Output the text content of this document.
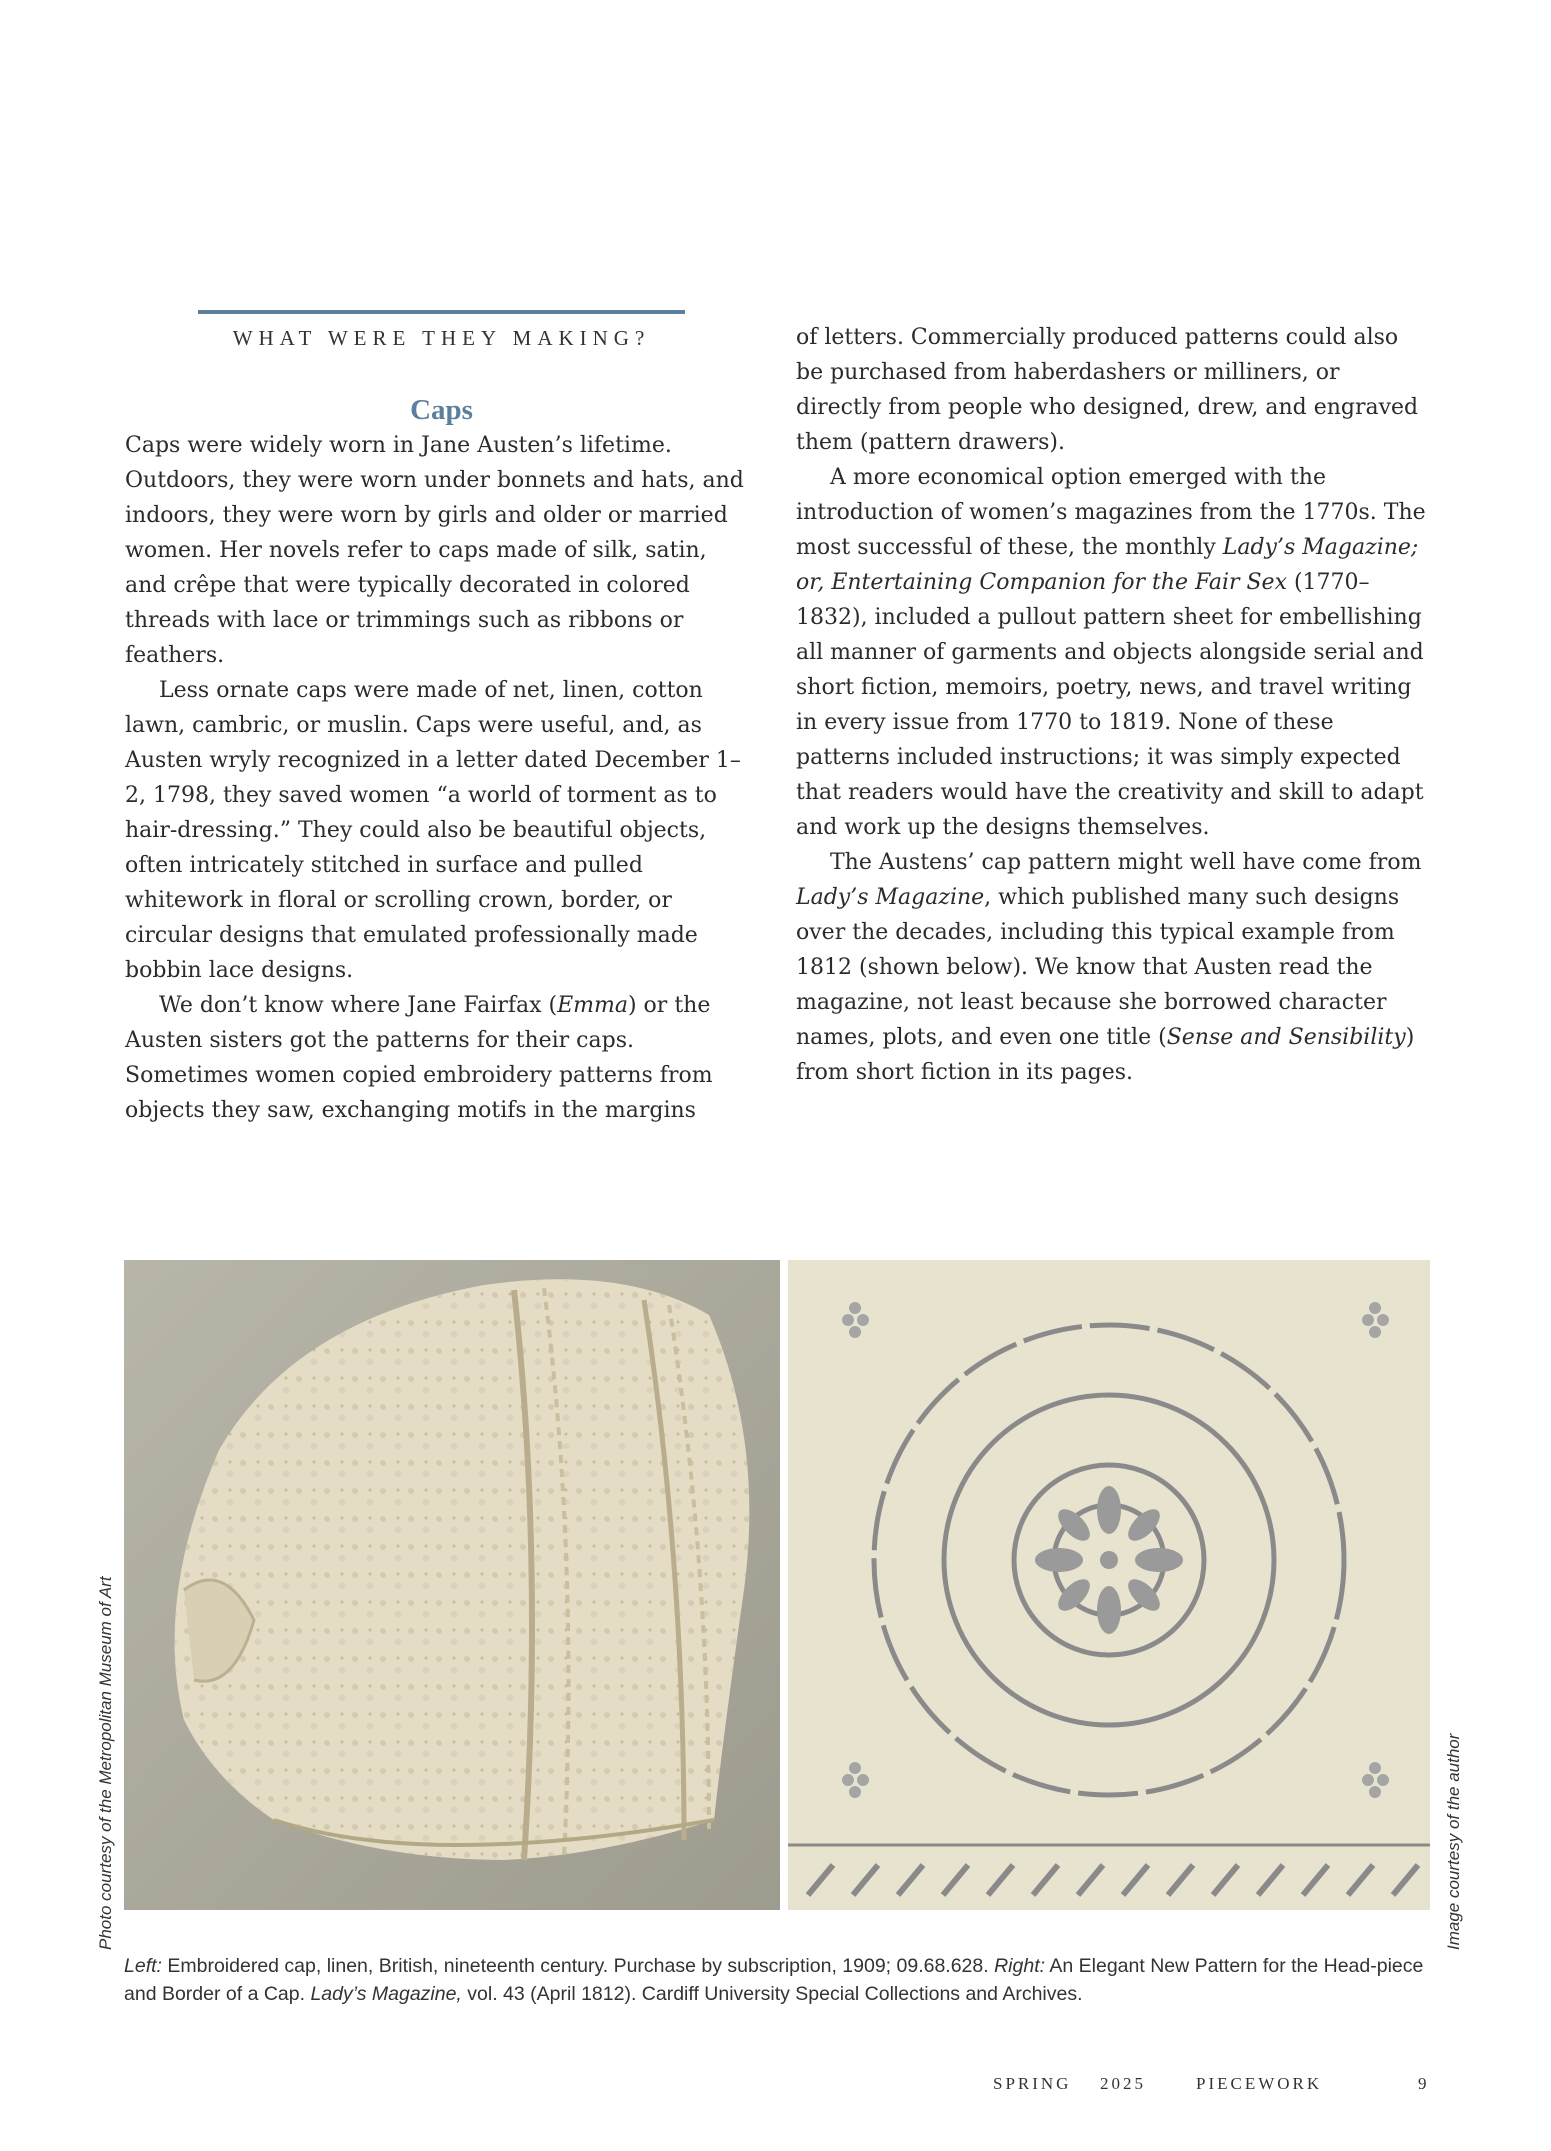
WHAT WERE THEY MAKING?
Caps

Caps were widely worn in Jane Austen’s lifetime. Outdoors, they were worn under bonnets and hats, and indoors, they were worn by girls and older or married women. Her novels refer to caps made of silk, satin, and crêpe that were typically decorated in colored threads with lace or trimmings such as ribbons or feathers.

Less ornate caps were made of net, linen, cotton lawn, cambric, or muslin. Caps were useful, and, as Austen wryly recognized in a letter dated December 1–2, 1798, they saved women “a world of torment as to hair-dressing.” They could also be beautiful objects, often intricately stitched in surface and pulled whitework in floral or scrolling crown, border, or circular designs that emulated professionally made bobbin lace designs.

We don’t know where Jane Fairfax (Emma) or the Austen sisters got the patterns for their caps. Sometimes women copied embroidery patterns from objects they saw, exchanging motifs in the margins

of letters. Commercially produced patterns could also be purchased from haberdashers or milliners, or directly from people who designed, drew, and engraved them (pattern drawers).

A more economical option emerged with the introduction of women’s magazines from the 1770s. The most successful of these, the monthly Lady’s Magazine; or, Entertaining Companion for the Fair Sex (1770–1832), included a pullout pattern sheet for embellishing all manner of garments and objects alongside serial and short fiction, memoirs, poetry, news, and travel writing in every issue from 1770 to 1819. None of these patterns included instructions; it was simply expected that readers would have the creativity and skill to adapt and work up the designs themselves.

The Austens’ cap pattern might well have come from Lady’s Magazine, which published many such designs over the decades, including this typical example from 1812 (shown below). We know that Austen read the magazine, not least because she borrowed character names, plots, and even one title (Sense and Sensibility) from short fiction in its pages.

Photo courtesy of the Metropolitan Museum of Art	Image courtesy of the author
Left: Embroidered cap, linen, British, nineteenth century. Purchase by subscription, 1909; 09.68.628. Right: An Elegant New Pattern for the Head-piece and Border of a Cap. Lady’s Magazine, vol. 43 (April 1812). Cardiff University Special Collections and Archives.
SPRING 2025	PIECEWORK	9
